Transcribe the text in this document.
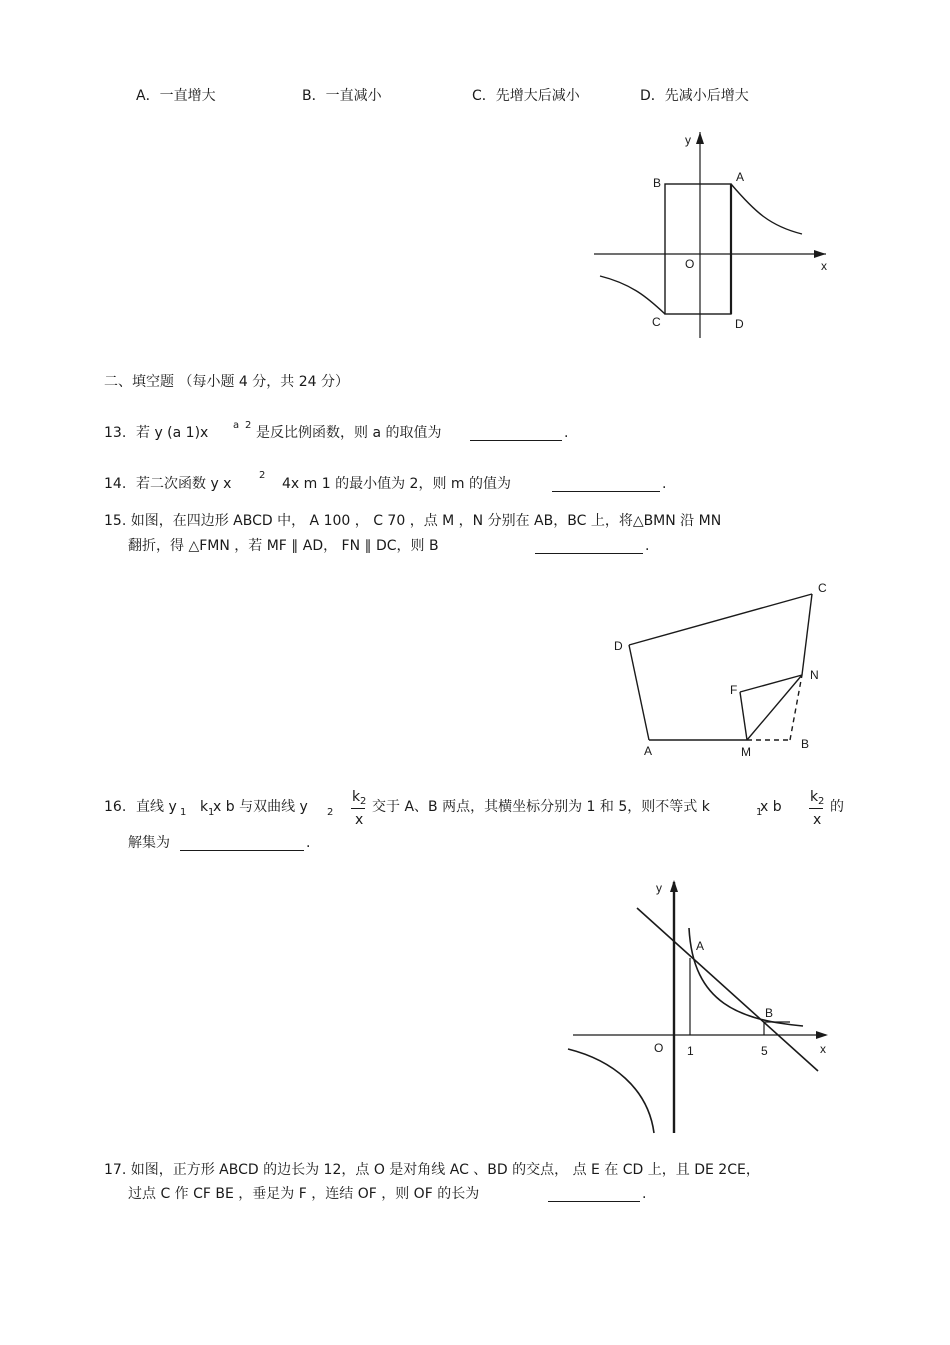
A．一直增大	B．一直减小	C．先增大后减小	D．先减小后增大
y
x
O
A
B
C	D
二、填空题 （每小题 4 分，共 24 分）
13. 若 y (a 1)x a 2 是反比例函数，则 a 的取值为	.
14. 若二次函数 y x
2
4x m 1 的最小值为 2，则 m 的值为	.
15. 如图，在四边形 ABCD 中， A 100 ， C 70 ，点 M ，N 分别在 AB，BC 上，将△BMN 沿 MN
翻折，得 △FMN ，若 MF ∥ AD， FN ∥ DC，则 B	.
C
D
N
F
A	M
B
16. 直线 y 1 k 1
x b 与双曲线 y 2
k 2
x
交于 A、B 两点，其横坐标分别为 1 和 5，则不等式 k	1
x b
k 2
x
的
解集为	.
y
x
O
A
B
1	5
17. 如图，正方形 ABCD 的边长为 12，点 O 是对角线 AC 、BD 的交点， 点 E 在 CD 上，且 DE 2CE，
过点 C 作 CF BE ，垂足为 F ，连结 OF ，则 OF 的长为	.
